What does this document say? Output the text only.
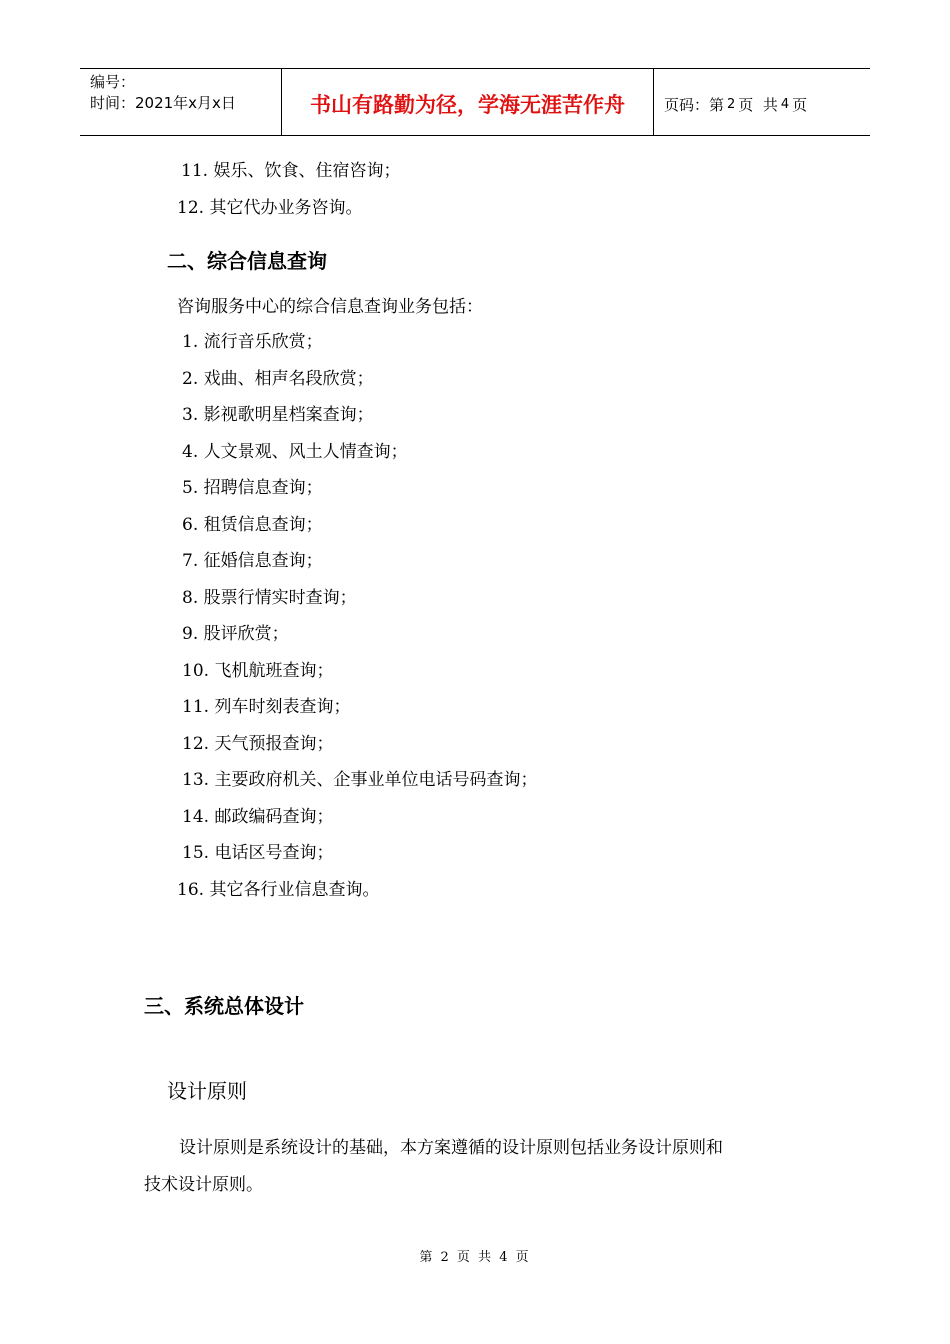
编号：
时间：2021年x月x日	书山有路勤为径，学海无涯苦作舟	页码：第 2 页  共 4 页
11. 娱乐、饮食、住宿咨询；
12. 其它代办业务咨询。
二、综合信息查询
咨询服务中心的综合信息查询业务包括：
1. 流行音乐欣赏；
2. 戏曲、相声名段欣赏；
3. 影视歌明星档案查询；
4. 人文景观、风土人情查询；
5. 招聘信息查询；
6. 租赁信息查询；
7. 征婚信息查询；
8. 股票行情实时查询；
9. 股评欣赏；
10. 飞机航班查询；
11. 列车时刻表查询；
12. 天气预报查询；
13. 主要政府机关、企事业单位电话号码查询；
14. 邮政编码查询；
15. 电话区号查询；
16. 其它各行业信息查询。
三、系统总体设计
设计原则
设计原则是系统设计的基础，本方案遵循的设计原则包括业务设计原则和
技术设计原则。
第 2 页 共 4 页
